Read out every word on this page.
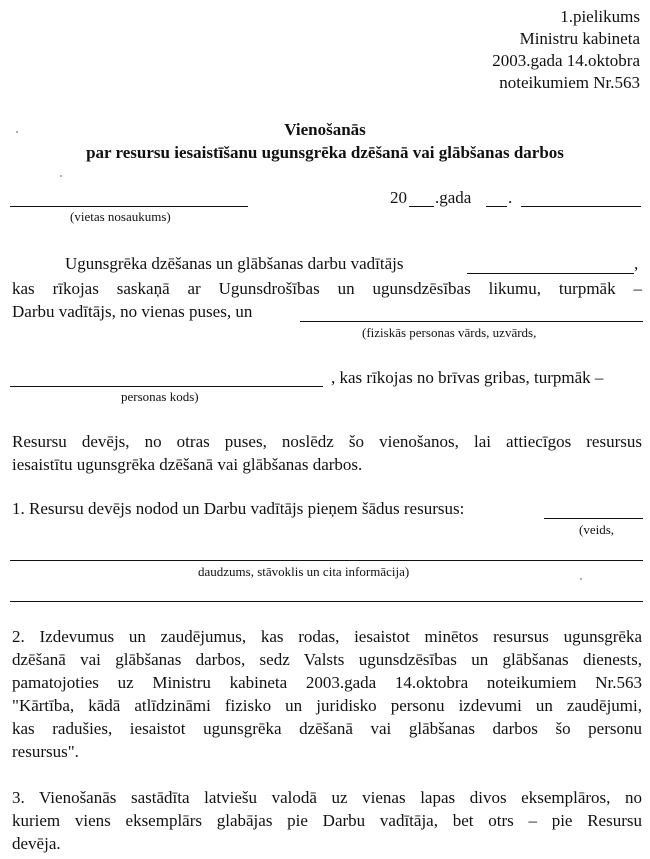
1.pielikums
Ministru kabineta
2003.gada 14.oktobra
noteikumiem Nr.563
Vienošanās
par resursu iesaistīšanu ugunsgrēka dzēšanā vai glābšanas darbos
(vietas nosaukums)
20 .gada .
Ugunsgrēka dzēšanas un glābšanas darbu vadītājs	,
kas rīkojas saskaņā ar Ugunsdrošības un ugunsdzēsības likumu, turpmāk –
Darbu vadītājs, no vienas puses, un
(fiziskās personas vārds, uzvārds,
, kas rīkojas no brīvas gribas, turpmāk –
personas kods)
Resursu devējs, no otras puses, noslēdz šo vienošanos, lai attiecīgos resursus
iesaistītu ugunsgrēka dzēšanā vai glābšanas darbos.
1. Resursu devējs nodod un Darbu vadītājs pieņem šādus resursus:
(veids,
daudzums, stāvoklis un cita informācija)
2. Izdevumus un zaudējumus, kas rodas, iesaistot minētos resursus ugunsgrēka
dzēšanā vai glābšanas darbos, sedz Valsts ugunsdzēsības un glābšanas dienests,
pamatojoties uz Ministru kabineta 2003.gada 14.oktobra noteikumiem Nr.563
"Kārtība, kādā atlīdzināmi fizisko un juridisko personu izdevumi un zaudējumi,
kas radušies, iesaistot ugunsgrēka dzēšanā vai glābšanas darbos šo personu
resursus".
3. Vienošanās sastādīta latviešu valodā uz vienas lapas divos eksemplāros, no
kuriem viens eksemplārs glabājas pie Darbu vadītāja, bet otrs – pie Resursu
devēja.
